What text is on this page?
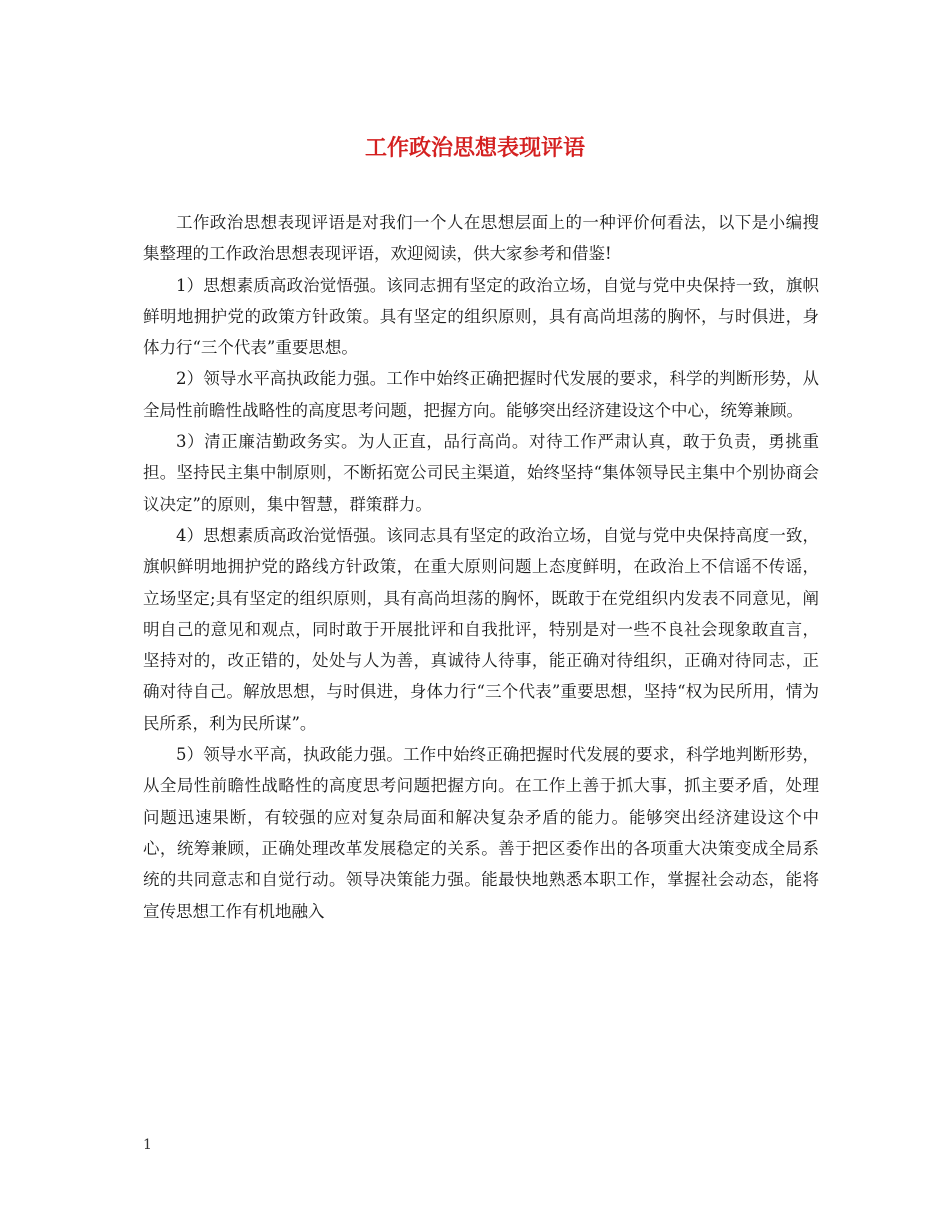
工作政治思想表现评语

工作政治思想表现评语是对我们一个人在思想层面上的一种评价何看法，以下是小编搜集整理的工作政治思想表现评语，欢迎阅读，供大家参考和借鉴!

1）思想素质高政治觉悟强。该同志拥有坚定的政治立场，自觉与党中央保持一致，旗帜鲜明地拥护党的政策方针政策。具有坚定的组织原则，具有高尚坦荡的胸怀，与时俱进，身体力行“三个代表”重要思想。

2）领导水平高执政能力强。工作中始终正确把握时代发展的要求，科学的判断形势，从全局性前瞻性战略性的高度思考问题，把握方向。能够突出经济建设这个中心，统筹兼顾。

3）清正廉洁勤政务实。为人正直，品行高尚。对待工作严肃认真，敢于负责，勇挑重担。坚持民主集中制原则，不断拓宽公司民主渠道，始终坚持“集体领导民主集中个别协商会议决定”的原则，集中智慧，群策群力。

4）思想素质高政治觉悟强。该同志具有坚定的政治立场，自觉与党中央保持高度一致，旗帜鲜明地拥护党的路线方针政策，在重大原则问题上态度鲜明，在政治上不信谣不传谣，立场坚定;具有坚定的组织原则，具有高尚坦荡的胸怀，既敢于在党组织内发表不同意见，阐明自己的意见和观点，同时敢于开展批评和自我批评，特别是对一些不良社会现象敢直言，坚持对的，改正错的，处处与人为善，真诚待人待事，能正确对待组织，正确对待同志，正确对待自己。解放思想，与时俱进，身体力行“三个代表”重要思想，坚持“权为民所用，情为民所系，利为民所谋”。

5）领导水平高，执政能力强。工作中始终正确把握时代发展的要求，科学地判断形势，从全局性前瞻性战略性的高度思考问题把握方向。在工作上善于抓大事，抓主要矛盾，处理问题迅速果断，有较强的应对复杂局面和解决复杂矛盾的能力。能够突出经济建设这个中心，统筹兼顾，正确处理改革发展稳定的关系。善于把区委作出的各项重大决策变成全局系统的共同意志和自觉行动。领导决策能力强。能最快地熟悉本职工作，掌握社会动态，能将宣传思想工作有机地融入

1
